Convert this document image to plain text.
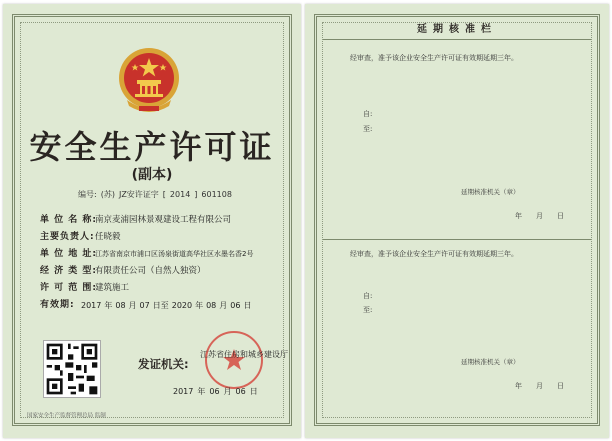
安全生产许可证
(副本)
编号: (苏) JZ安许证字 [ 2014 ] 601108
单 位 名 称:南京麦浦园林景观建设工程有限公司
主要负责人:任晓毅
单 位 地 址:江苏省南京市浦口区汤泉街道高华社区水墨名香2号
经 济 类 型:有限责任公司（自然人独资）
许 可 范 围:建筑施工
有效期: 2017 年 08 月 07 日至 2020 年 08 月 06 日
发证机关:
江苏省住房和城乡建设厅
2017 年 06 月 06 日
国家安全生产监督管理总局 监制
延期核准栏
经审查，准予该企业安全生产许可证有效期延期三年。
自:
至:
延期核准机关（章）
年 月 日
经审查，准予该企业安全生产许可证有效期延期三年。
自:
至:
延期核准机关（章）
年 月 日
